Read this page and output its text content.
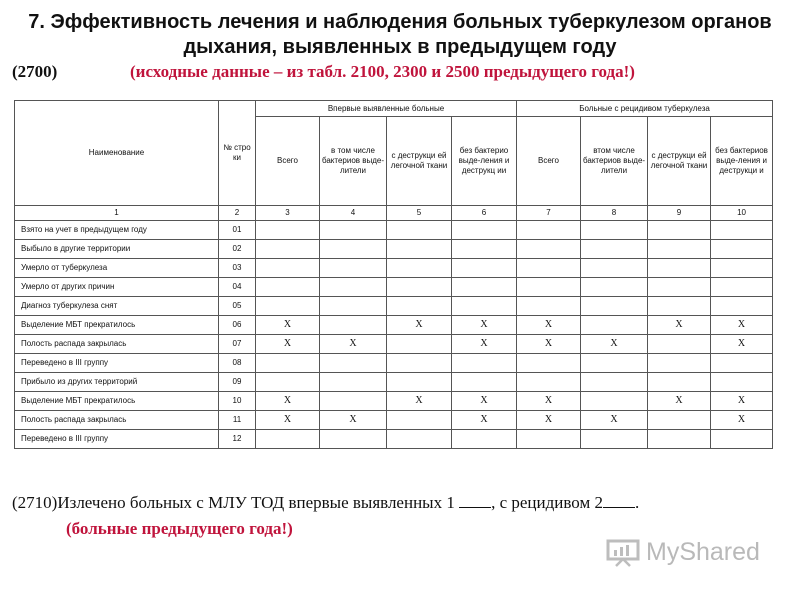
7. Эффективность лечения и наблюдения больных туберкулезом органов
дыхания, выявленных в предыдущем году
(2700)	(исходные данные – из табл. 2100, 2300 и 2500 предыдущего года!)
Наименование	№ стро ки	Впервые выявленные больные				Больные с рецидивом туберкулеза			
		Всего	в том числе бактериов выде-лители	с деструкци ей легочной ткани	без бактерио выде-ления и деструкц ии	Всего	втом числе бактериов выде-лители	с деструкци ей легочной ткани	без бактериов выде-ления и деструкци и
1	2	3	4	5	6	7	8	9	10
Взято на учет в предыдущем году	01								
Выбыло в другие территории	02								
Умерло от туберкулеза	03								
Умерло от других причин	04								
Диагноз туберкулеза снят	05								
Выделение МБТ прекратилось	06	X		X	X	X		X	X
Полость распада закрылась	07	X	X		X	X	X		X
Переведено в III группу	08								
Прибыло из других территорий	09								
Выделение МБТ прекратилось	10	X		X	X	X		X	X
Полость распада закрылась	11	X	X		X	X	X		X
Переведено в III группу	12								
(2710)Излечено больных с МЛУ ТОД впервые выявленных 1 , с рецидивом 2 .
(больные предыдущего года!)
MyShared
